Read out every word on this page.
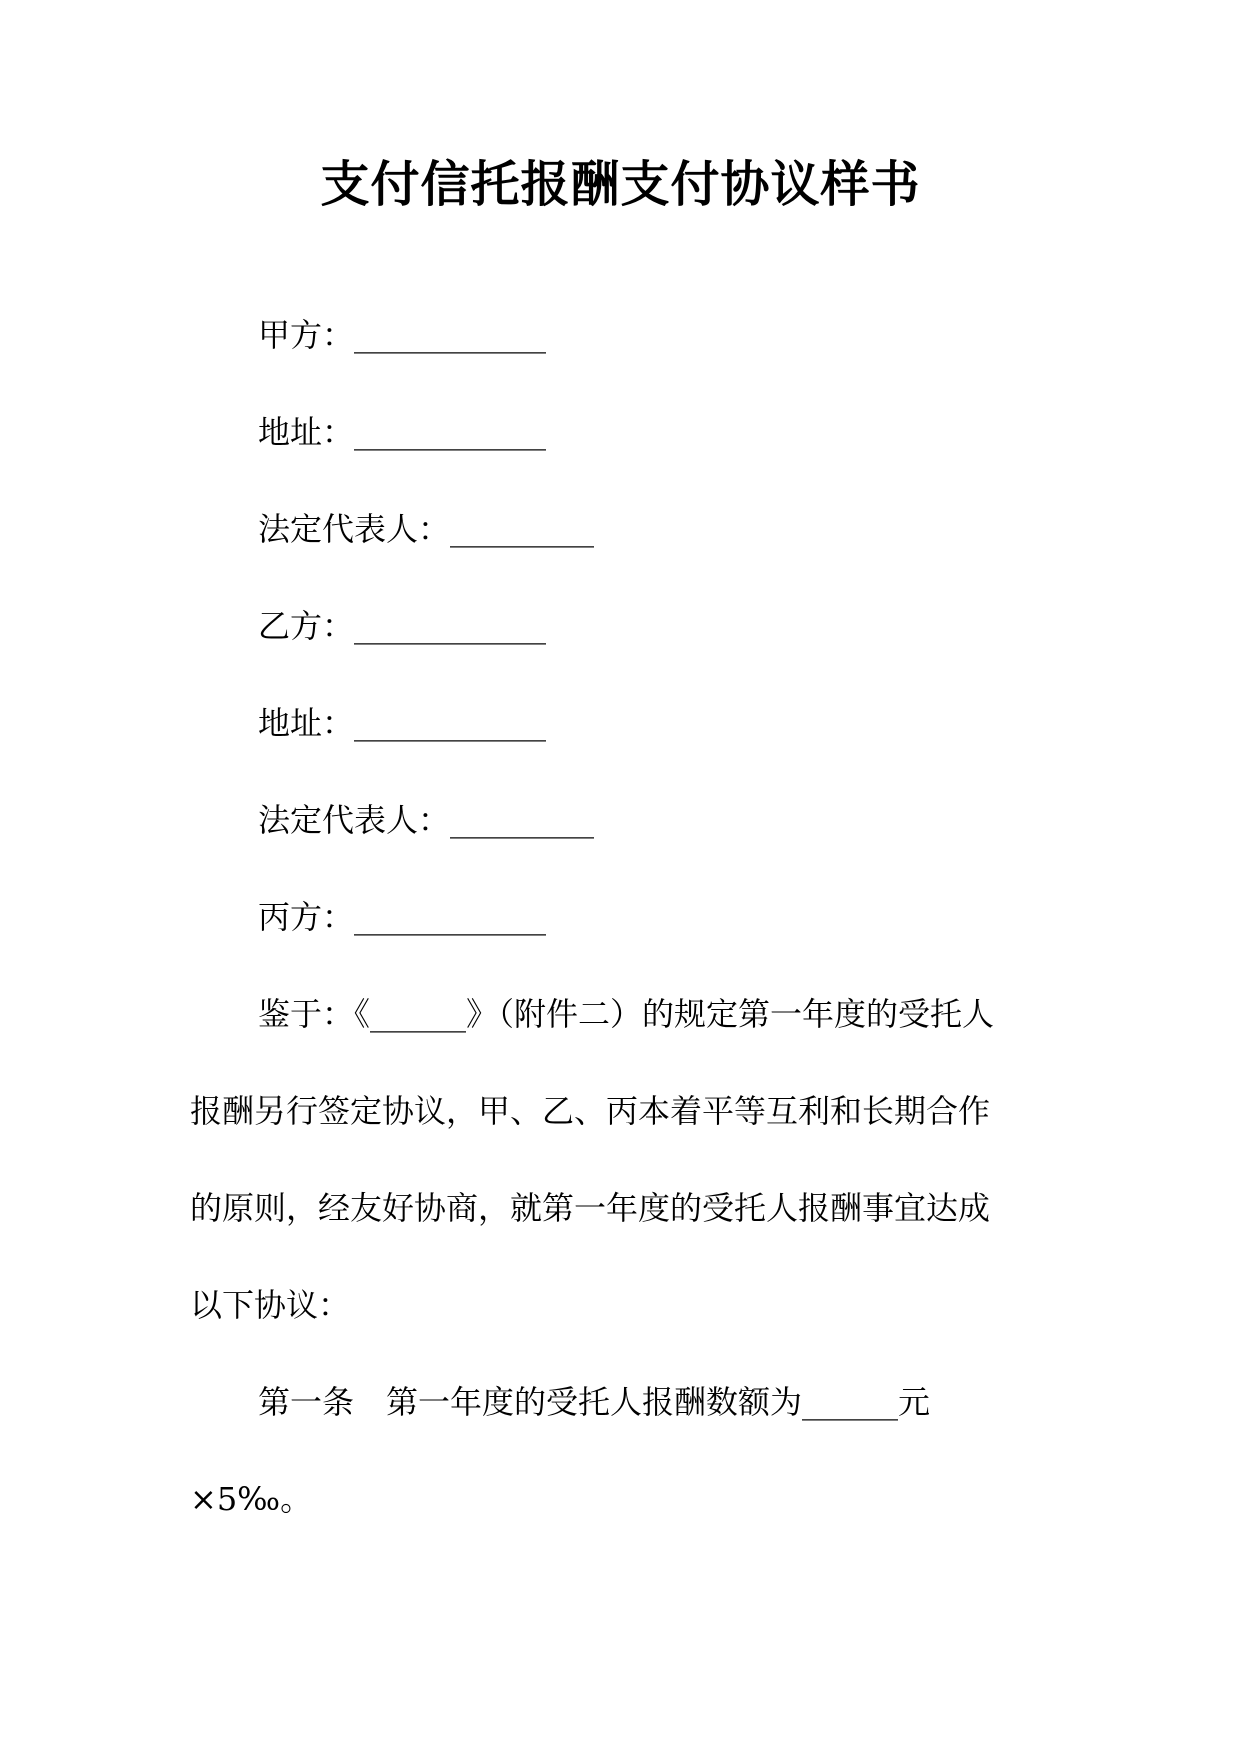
支付信托报酬支付协议样书
甲方：____________
地址：____________
法定代表人：_________
乙方：____________
地址：____________
法定代表人：_________
丙方：____________
鉴于：《______》（附件二）的规定第一年度的受托人
报酬另行签定协议，甲、乙、丙本着平等互利和长期合作
的原则，经友好协商，就第一年度的受托人报酬事宜达成
以下协议：
第一条　第一年度的受托人报酬数额为______元
×5‰。
